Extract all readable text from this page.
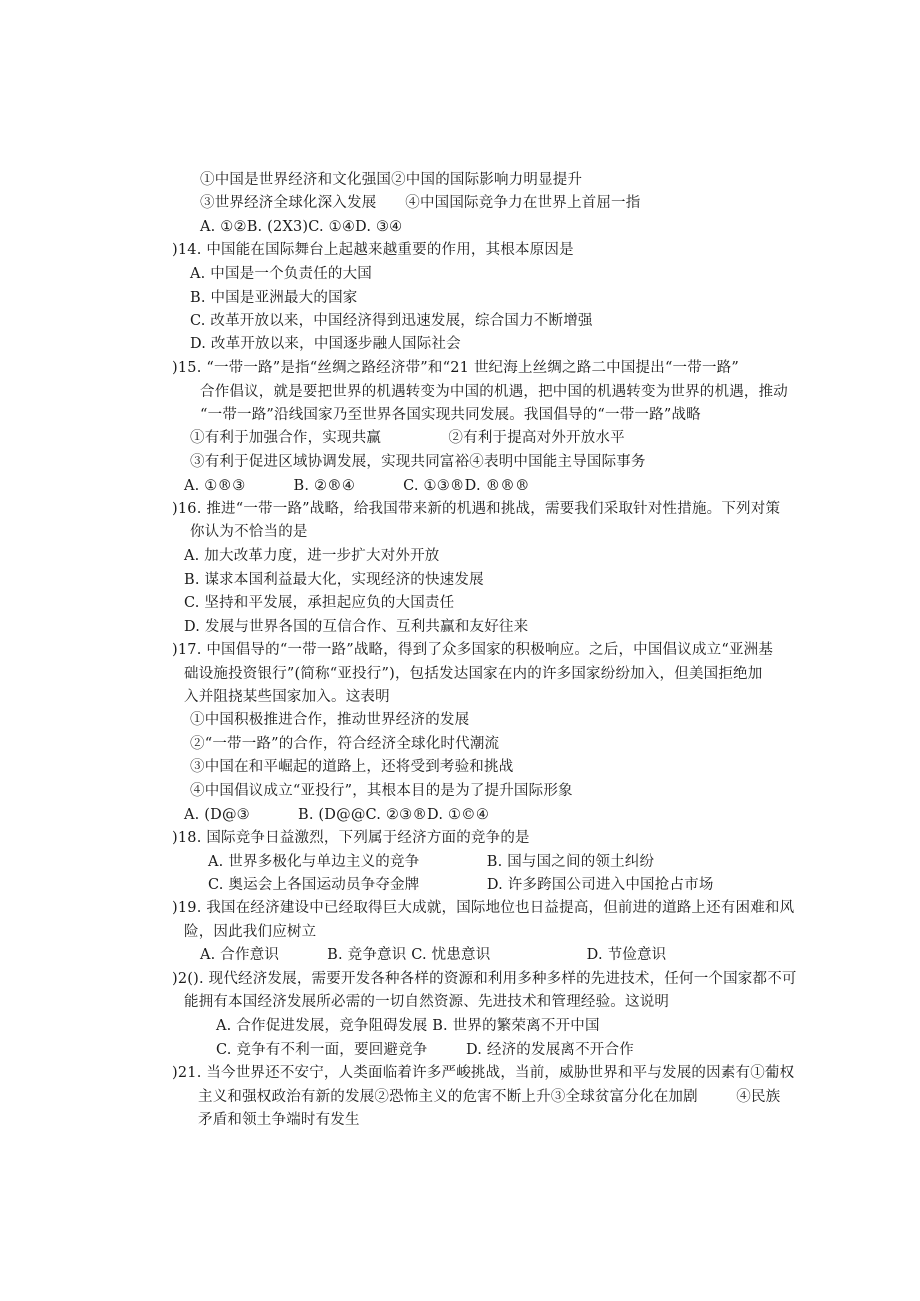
①中国是世界经济和文化强国②中国的国际影响力明显提升
③世界经济全球化深入发展      ④中国国际竞争力在世界上首屈一指
A. ①②B. (2X3)C. ①④D. ③④
)14. 中国能在国际舞台上起越来越重要的作用，其根本原因是
A. 中国是一个负责任的大国
B. 中国是亚洲最大的国家
C. 改革开放以来，中国经济得到迅速发展，综合国力不断增强
D. 改革开放以来，中国逐步融人国际社会
)15. “一带一路”是指“丝绸之路经济带”和“21 世纪海上丝绸之路二中国提出“一带一路”
合作倡议，就是要把世界的机遇转变为中国的机遇，把中国的机遇转变为世界的机遇，推动
“一带一路”沿线国家乃至世界各国实现共同发展。我国倡导的“一带一路”战略
①有利于加强合作，实现共赢              ②有利于提高对外开放水平
③有利于促进区域协调发展，实现共同富裕④表明中国能主导国际事务
A. ①®③          B. ②®④          C. ①③®D. ®®®
)16. 推进“一带一路”战略，给我国带来新的机遇和挑战，需要我们采取针对性措施。下列对策
你认为不恰当的是
A. 加大改革力度，进一步扩大对外开放
B. 谋求本国利益最大化，实现经济的快速发展
C. 坚持和平发展，承担起应负的大国责任
D. 发展与世界各国的互信合作、互利共赢和友好往来
)17. 中国倡导的“一带一路”战略，得到了众多国家的积极响应。之后，中国倡议成立“亚洲基
础设施投资银行”(简称“亚投行”)，包括发达国家在内的许多国家纷纷加入，但美国拒绝加
入并阻挠某些国家加入。这表明
①中国积极推进合作，推动世界经济的发展
②“一带一路”的合作，符合经济全球化时代潮流
③中国在和平崛起的道路上，还将受到考验和挑战
④中国倡议成立“亚投行”，其根本目的是为了提升国际形象
A. (D@③          B. (D@@C. ②③®D. ①©④
)18. 国际竞争日益激烈，下列属于经济方面的竞争的是
A. 世界多极化与单边主义的竞争              B. 国与国之间的领土纠纷
C. 奥运会上各国运动员争夺金牌              D. 许多跨国公司进入中国抢占市场
)19. 我国在经济建设中已经取得巨大成就，国际地位也日益提高，但前进的道路上还有困难和风
险，因此我们应树立
A. 合作意识          B. 竞争意识 C. 忧患意识                    D. 节俭意识
)2(). 现代经济发展，需要开发各种各样的资源和利用多种多样的先进技术，任何一个国家都不可
能拥有本国经济发展所必需的一切自然资源、先进技术和管理经验。这说明
A. 合作促进发展，竞争阻碍发展 B. 世界的繁荣离不开中国
C. 竞争有不利一面，要回避竞争        D. 经济的发展离不开合作
)21. 当今世界还不安宁，人类面临着许多严峻挑战，当前，威胁世界和平与发展的因素有①葡权
主义和强权政治有新的发展②恐怖主义的危害不断上升③全球贫富分化在加剧        ④民族
矛盾和领土争端时有发生
